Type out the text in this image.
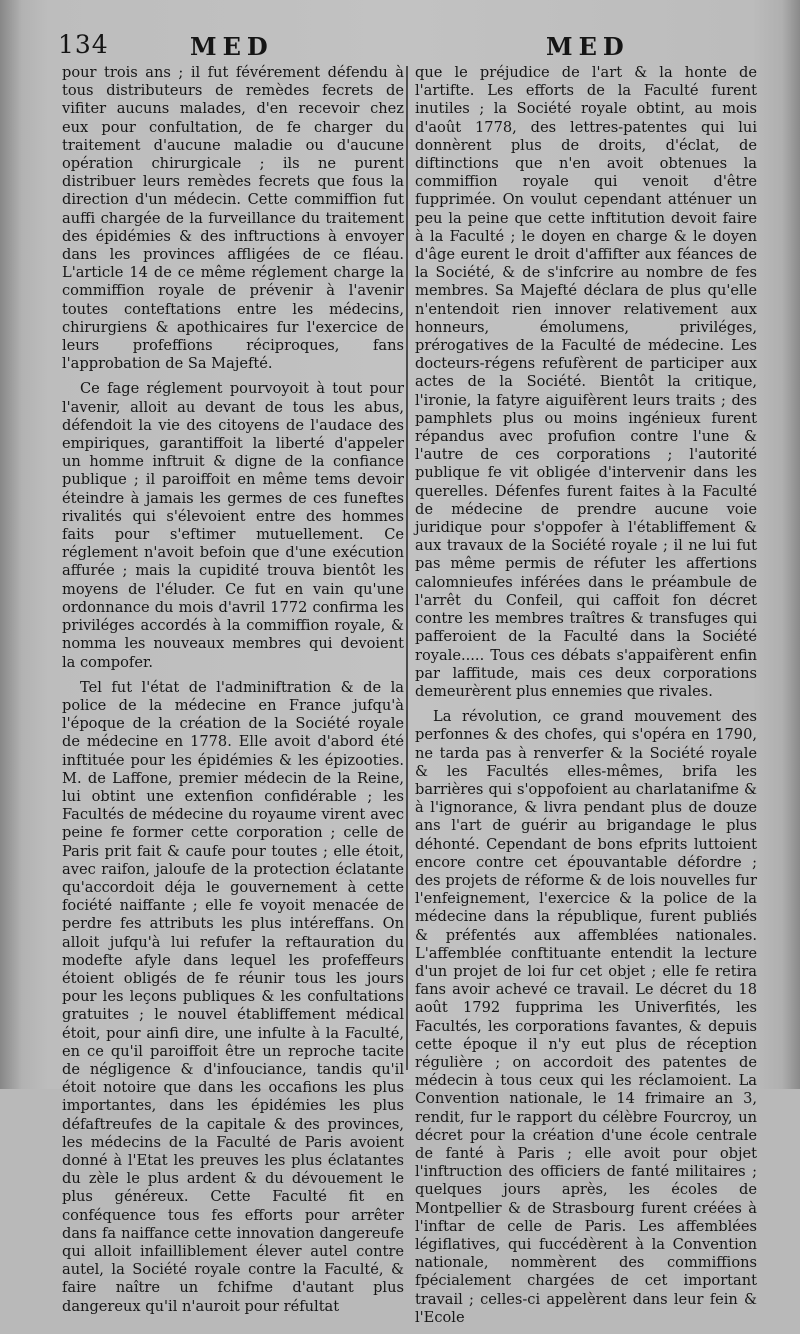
134	MED	MED

pour trois ans ; il fut févérement défendu à tous distributeurs de remèdes fecrets de vifiter aucuns malades, d'en recevoir chez eux pour confultation, de fe charger du traitement d'aucune maladie ou d'aucune opération chirurgicale ; ils ne purent distribuer leurs remèdes fecrets que fous la direction d'un médecin. Cette commiffion fut auffi chargée de la furveillance du traitement des épidémies & des inftructions à envoyer dans les provinces affligées de ce fléau. L'article 14 de ce même réglement charge la commiffion royale de prévenir à l'avenir toutes conteftations entre les médecins, chirurgiens & apothicaires fur l'exercice de leurs profeffions réciproques, fans l'approbation de Sa Majefté.

Ce fage réglement pourvoyoit à tout pour l'avenir, alloit au devant de tous les abus, défendoit la vie des citoyens de l'audace des empiriques, garantiffoit la liberté d'appeler un homme inftruit & digne de la confiance publique ; il paroiffoit en même tems devoir éteindre à jamais les germes de ces funeftes rivalités qui s'élevoient entre des hommes faits pour s'eftimer mutuellement. Ce réglement n'avoit befoin que d'une exécution affurée ; mais la cupidité trouva bientôt les moyens de l'éluder. Ce fut en vain qu'une ordonnance du mois d'avril 1772 confirma les priviléges accordés à la commiffion royale, & nomma les nouveaux membres qui devoient la compofer.

Tel fut l'état de l'adminiftration & de la police de la médecine en France jufqu'à l'époque de la création de la Société royale de médecine en 1778. Elle avoit d'abord été inftituée pour les épidémies & les épizooties. M. de Laffone, premier médecin de la Reine, lui obtint une extenfion confidérable ; les Facultés de médecine du royaume virent avec peine fe former cette corporation ; celle de Paris prit fait & caufe pour toutes ; elle étoit, avec raifon, jaloufe de la protection éclatante qu'accordoit déja le gouvernement à cette fociété naiffante ; elle fe voyoit menacée de perdre fes attributs les plus intéreffans. On alloit jufqu'à lui refufer la reftauration du modefte afyle dans lequel les profeffeurs étoient obligés de fe réunir tous les jours pour les leçons publiques & les confultations gratuites ; le nouvel établiffement médical étoit, pour ainfi dire, une infulte à la Faculté, en ce qu'il paroiffoit être un reproche tacite de négligence & d'infouciance, tandis qu'il étoit notoire que dans les occafions les plus importantes, dans les épidémies les plus défaftreufes de la capitale & des provinces, les médecins de la Faculté de Paris avoient donné à l'Etat les preuves les plus éclatantes du zèle le plus ardent & du dévouement le plus généreux. Cette Faculté fit en conféquence tous fes efforts pour arrêter dans fa naiffance cette innovation dangereufe qui alloit infailliblement élever autel contre autel, la Société royale contre la Faculté, & faire naître un fchifme d'autant plus dangereux qu'il n'auroit pour réfultat

que le préjudice de l'art & la honte de l'artifte. Les efforts de la Faculté furent inutiles ; la Société royale obtint, au mois d'août 1778, des lettres-patentes qui lui donnèrent plus de droits, d'éclat, de diftinctions que n'en avoit obtenues la commiffion royale qui venoit d'être fupprimée. On voulut cependant atténuer un peu la peine que cette inftitution devoit faire à la Faculté ; le doyen en charge & le doyen d'âge eurent le droit d'affifter aux féances de la Société, & de s'infcrire au nombre de fes membres. Sa Majefté déclara de plus qu'elle n'entendoit rien innover relativement aux honneurs, émolumens, priviléges, prérogatives de la Faculté de médecine. Les docteurs-régens refufèrent de participer aux actes de la Société. Bientôt la critique, l'ironie, la fatyre aiguifèrent leurs traits ; des pamphlets plus ou moins ingénieux furent répandus avec profufion contre l'une & l'autre de ces corporations ; l'autorité publique fe vit obligée d'intervenir dans les querelles. Défenfes furent faites à la Faculté de médecine de prendre aucune voie juridique pour s'oppofer à l'établiffement & aux travaux de la Société royale ; il ne lui fut pas même permis de réfuter les affertions calomnieufes inférées dans le préambule de l'arrêt du Confeil, qui caffoit fon décret contre les membres traîtres & transfuges qui pafferoient de la Faculté dans la Société royale..... Tous ces débats s'appaifèrent enfin par laffitude, mais ces deux corporations demeurèrent plus ennemies que rivales.

La révolution, ce grand mouvement des perfonnes & des chofes, qui s'opéra en 1790, ne tarda pas à renverfer & la Société royale & les Facultés elles-mêmes, brifa les barrières qui s'oppofoient au charlatanifme & à l'ignorance, & livra pendant plus de douze ans l'art de guérir au brigandage le plus déhonté. Cependant de bons efprits luttoient encore contre cet épouvantable défordre ; des projets de réforme & de lois nouvelles fur l'enfeignement, l'exercice & la police de la médecine dans la république, furent publiés & préfentés aux affemblées nationales. L'affemblée conftituante entendit la lecture d'un projet de loi fur cet objet ; elle fe retira fans avoir achevé ce travail. Le décret du 18 août 1792 fupprima les Univerfités, les Facultés, les corporations favantes, & depuis cette époque il n'y eut plus de réception régulière ; on accordoit des patentes de médecin à tous ceux qui les réclamoient. La Convention nationale, le 14 frimaire an 3, rendit, fur le rapport du célèbre Fourcroy, un décret pour la création d'une école centrale de fanté à Paris ; elle avoit pour objet l'inftruction des officiers de fanté militaires ; quelques jours après, les écoles de Montpellier & de Strasbourg furent créées à l'inftar de celle de Paris. Les affemblées légiflatives, qui fuccédèrent à la Convention nationale, nommèrent des commiffions fpécialement chargées de cet important travail ; celles-ci appelèrent dans leur fein & l'Ecole
